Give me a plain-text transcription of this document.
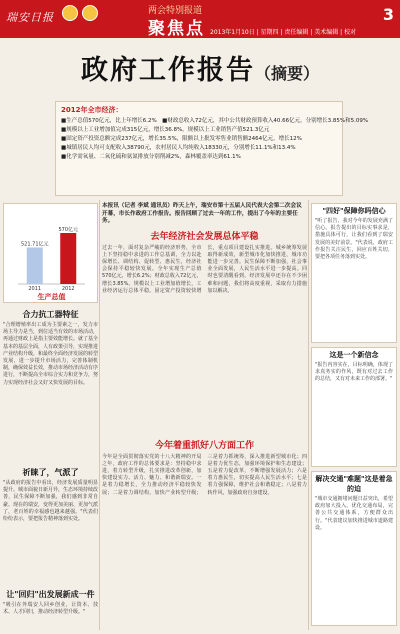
瑞安日报	两会特别报道
聚焦点
3
2013年1月10日 | 星期四 | 责任编辑 | 美术编辑 | 校对
政府工作报告（摘要）
2012年全市经济：
■生产总值570亿元，比上年增长6.2%　■财政总收入72亿元，其中公共财政预算收入40.66亿元，分别增长3.85%和5.09%
■规模以上工业增加值完成315亿元，增长36.8%，规模以上工业销售产值521.3亿元
■固定资产投资总额完成237亿元，增长35.5%，限额以上批发零售业销售额2464亿元，增长12%
■城镇居民人均可支配收入38790元，农村居民人均纯收入18330元，分别增长11.1%和13.4%
■化学需氧量、二氧化硫和氨氮排放分别削减2%，森林覆盖率达到61.1%
生产总值
521.71亿元
2011
570亿元
2012
合力抗工器特征
"合理增殖率出工成为主要素之一，发力市场主导力是当，到位适当有效的市场活动，再通过财政上是指主要效能增长。就了基全基本的基层全面，人有政策引导，实现推进产业结构升级，和最终全面经济发展的转型发展，进一步提升市场活力，完善体制机制，确保效益长效，推动市场经济活动有序进行，不断提高全市综合实力和竞争力，努力实现经济社会又好又快发展的目标。
祈睐了，气派了
"从政府的报告中看出，经济发展质量明显提升。城市面貌日新月异，生态环境持续改善，民生保障不断加强，我们感到非常自豪。现在的瑞安，变得更加美丽、更加气派了，老百姓的幸福感也越来越强。"代表们纷纷表示，要把报告精神落到实处。
让"回归"出发展新成一件
"吸引在外瑞安人回乡创业，让资本、技术、人才回归，推动经济转型升级。"
本报讯（记者 李斌 通讯员）昨天上午，瑞安市第十五届人民代表大会第二次会议开幕，市长作政府工作报告。报告回顾了过去一年的工作，提出了今年的主要任务。
去年经济社会发展总体平稳
过去一年，面对复杂严峻的经济形势，全市上下坚持稳中求进的工作总基调，全力以赴保增长、调结构、促转型、惠民生，经济社会保持平稳较快发展。全年实现生产总值570亿元，增长6.2%；财政总收入72亿元，增长3.85%。规模以上工业增加值增长，工业经济运行总体平稳。固定资产投资较快增长，重点项目建设扎实推进。城乡统筹发展取得新成效，新型城市化加快推进，城市功能进一步完善。民生保障不断加强，社会事业全面发展，人民生活水平进一步提高。同时也要清醒看到，经济发展中还存在不少困难和问题，我们将高度重视，采取有力措施加以解决。
今年着重抓好八方面工作
今年是全面贯彻落实党的十八大精神的开局之年，政府工作的总体要求是：坚持稳中求进，着力转型升级，扎实推进改革创新，加快建设实力、活力、魅力、和谐新瑞安。一是着力稳增长，全力推动经济平稳较快发展；二是着力调结构，加快产业转型升级；三是着力抓统筹，深入推进新型城市化；四是着力优生态，加强环境保护和生态建设；五是着力促改革，不断增强发展活力；六是着力惠民生，切实提高人民生活水平；七是着力强保障，维护社会和谐稳定；八是着力转作风，加强政府自身建设。
"四好"保障你吗信心
"听了报告，我对今年的发展充满了信心。报告提出的目标实事求是，措施具体可行，让我们看到了瑞安发展的美好前景。"代表说，政府工作报告关注民生，回应百姓关切，要把各项任务落到实处。
这是一个新信念
"报告内容实在，目标明确，体现了求真务实的作风，既有对过去工作的总结，又有对未来工作的部署。"
解决交通"难题"这是着急的迫
"城市交通拥堵问题日益突出，希望政府加大投入，优化交通布局，完善公共交通体系，方便群众出行。"代表建议加快推进城市道路建设。
